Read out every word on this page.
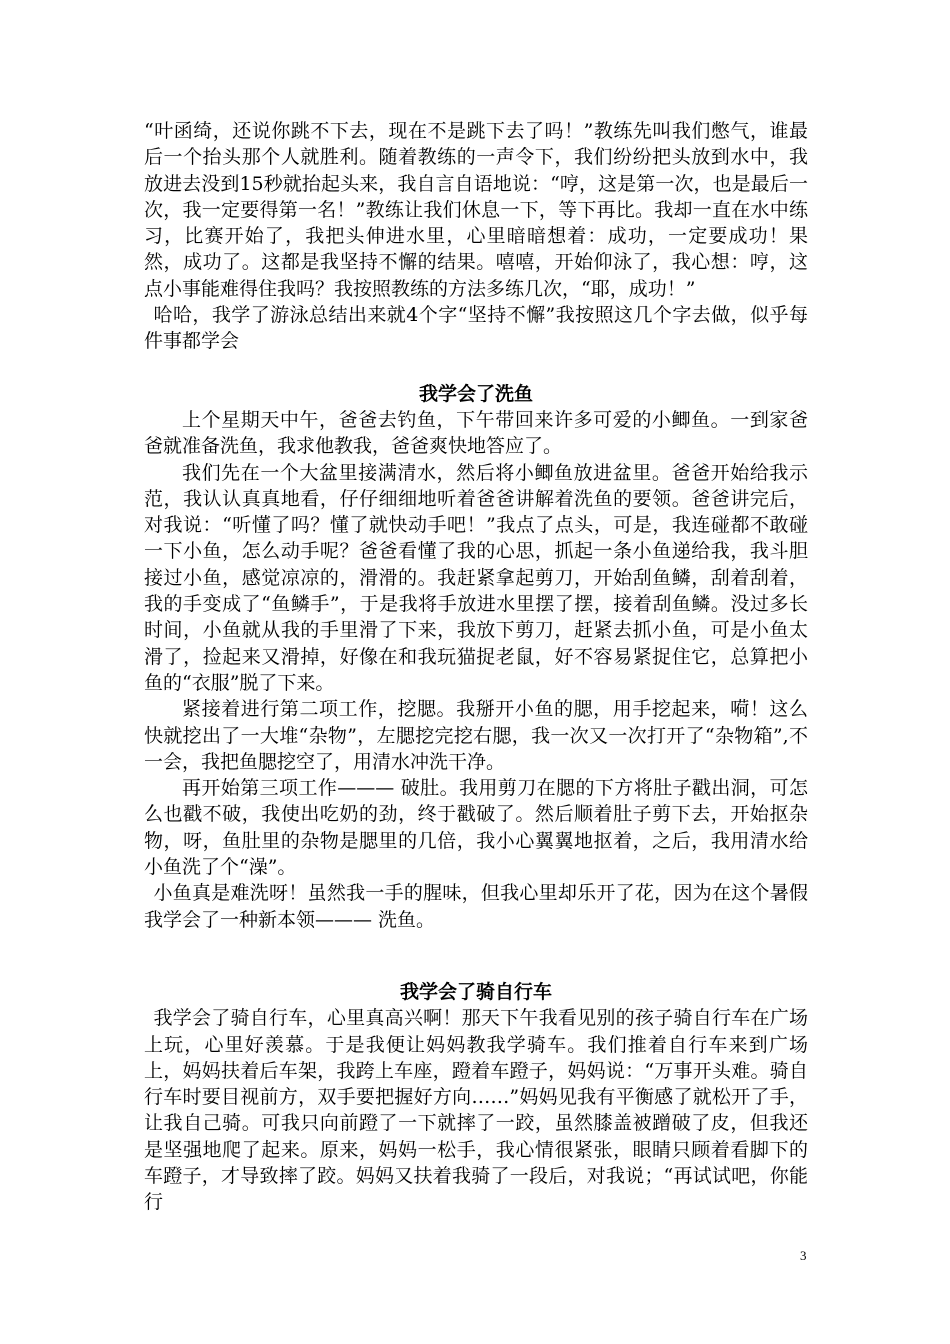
“叶函绮，还说你跳不下去，现在不是跳下去了吗！”教练先叫我们憋气，谁最后一个抬头那个人就胜利。随着教练的一声令下，我们纷纷把头放到水中，我放进去没到15秒就抬起头来，我自言自语地说：“哼，这是第一次，也是最后一次，我一定要得第一名！”教练让我们休息一下，等下再比。我却一直在水中练习，比赛开始了，我把头伸进水里，心里暗暗想着：成功，一定要成功！果然，成功了。这都是我坚持不懈的结果。嘻嘻，开始仰泳了，我心想：哼，这点小事能难得住我吗？我按照教练的方法多练几次，“耶，成功！”

哈哈，我学了游泳总结出来就4个字“坚持不懈”我按照这几个字去做，似乎每件事都学会

我学会了洗鱼

上个星期天中午，爸爸去钓鱼，下午带回来许多可爱的小鲫鱼。一到家爸爸就准备洗鱼，我求他教我，爸爸爽快地答应了。

我们先在一个大盆里接满清水，然后将小鲫鱼放进盆里。爸爸开始给我示范，我认认真真地看，仔仔细细地听着爸爸讲解着洗鱼的要领。爸爸讲完后，对我说：“听懂了吗？懂了就快动手吧！”我点了点头，可是，我连碰都不敢碰一下小鱼，怎么动手呢？爸爸看懂了我的心思，抓起一条小鱼递给我，我斗胆接过小鱼，感觉凉凉的，滑滑的。我赶紧拿起剪刀，开始刮鱼鳞，刮着刮着，我的手变成了“鱼鳞手”，于是我将手放进水里摆了摆，接着刮鱼鳞。没过多长时间，小鱼就从我的手里滑了下来，我放下剪刀，赶紧去抓小鱼，可是小鱼太滑了，捡起来又滑掉，好像在和我玩猫捉老鼠，好不容易紧捉住它，总算把小鱼的“衣服”脱了下来。

紧接着进行第二项工作，挖腮。我掰开小鱼的腮，用手挖起来，嗬！这么快就挖出了一大堆“杂物”，左腮挖完挖右腮，我一次又一次打开了“杂物箱”,不一会，我把鱼腮挖空了，用清水冲洗干净。

再开始第三项工作——— 破肚。我用剪刀在腮的下方将肚子戳出洞，可怎么也戳不破，我使出吃奶的劲，终于戳破了。然后顺着肚子剪下去，开始抠杂物，呀，鱼肚里的杂物是腮里的几倍，我小心翼翼地抠着，之后，我用清水给小鱼洗了个“澡”。

小鱼真是难洗呀！虽然我一手的腥味，但我心里却乐开了花，因为在这个暑假我学会了一种新本领——— 洗鱼。

我学会了骑自行车

我学会了骑自行车，心里真高兴啊！那天下午我看见别的孩子骑自行车在广场上玩，心里好羡慕。于是我便让妈妈教我学骑车。我们推着自行车来到广场上，妈妈扶着后车架，我跨上车座，蹬着车蹬子，妈妈说：“万事开头难。骑自行车时要目视前方，双手要把握好方向……”妈妈见我有平衡感了就松开了手，让我自己骑。可我只向前蹬了一下就摔了一跤，虽然膝盖被蹭破了皮，但我还是坚强地爬了起来。原来，妈妈一松手，我心情很紧张，眼睛只顾着看脚下的车蹬子，才导致摔了跤。妈妈又扶着我骑了一段后，对我说；“再试试吧，你能行

3
